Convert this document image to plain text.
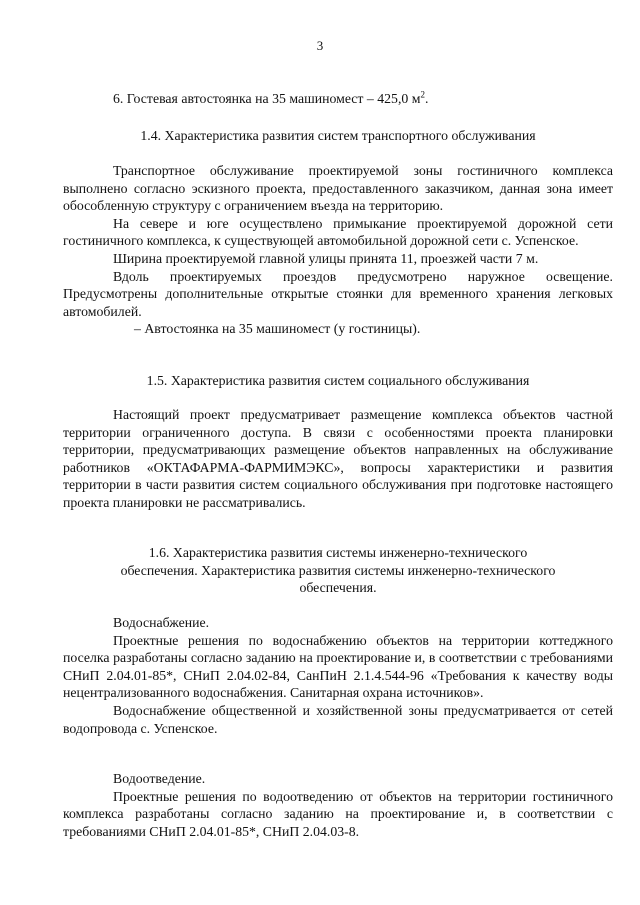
3
6. Гостевая автостоянка на 35 машиномест – 425,0 $м^2$.
1.4. Характеристика развития систем транспортного обслуживания

Транспортное обслуживание проектируемой зоны гостиничного комплекса выполнено согласно эскизного проекта, предоставленного заказчиком, данная зона имеет обособленную структуру с ограничением въезда на территорию.

На севере и юге осуществлено примыкание проектируемой дорожной сети гостиничного комплекса, к существующей автомобильной дорожной сети с. Успенское.

Ширина проектируемой главной улицы принята 11, проезжей части 7 м.

Вдоль проектируемых проездов предусмотрено наружное освещение. Предусмотрены дополнительные открытые стоянки для временного хранения легковых автомобилей.

– Автостоянка на 35 машиномест (у гостиницы).

1.5. Характеристика развития систем социального обслуживания

Настоящий проект предусматривает размещение комплекса объектов частной территории ограниченного доступа. В связи с особенностями проекта планировки территории, предусматривающих размещение объектов направленных на обслуживание работников «ОКТАФАРМА-ФАРМИМЭКС», вопросы характеристики и развития территории в части развития систем социального обслуживания при подготовке настоящего проекта планировки не рассматривались.

1.6. Характеристика развития системы инженерно-технического
обеспечения. Характеристика развития системы инженерно-технического
обеспечения.

Водоснабжение.

Проектные решения по водоснабжению объектов на территории коттеджного поселка разработаны согласно заданию на проектирование и, в соответствии с требованиями СНиП 2.04.01-85*, СНиП 2.04.02-84, СанПиН 2.1.4.544-96 «Требования к качеству воды нецентрализованного водоснабжения. Санитарная охрана источников».

Водоснабжение общественной и хозяйственной зоны предусматривается от сетей водопровода с. Успенское.

Водоотведение.

Проектные решения по водоотведению от объектов на территории гостиничного комплекса разработаны согласно заданию на проектирование и, в соответствии с требованиями СНиП 2.04.01-85*, СНиП 2.04.03-8.
